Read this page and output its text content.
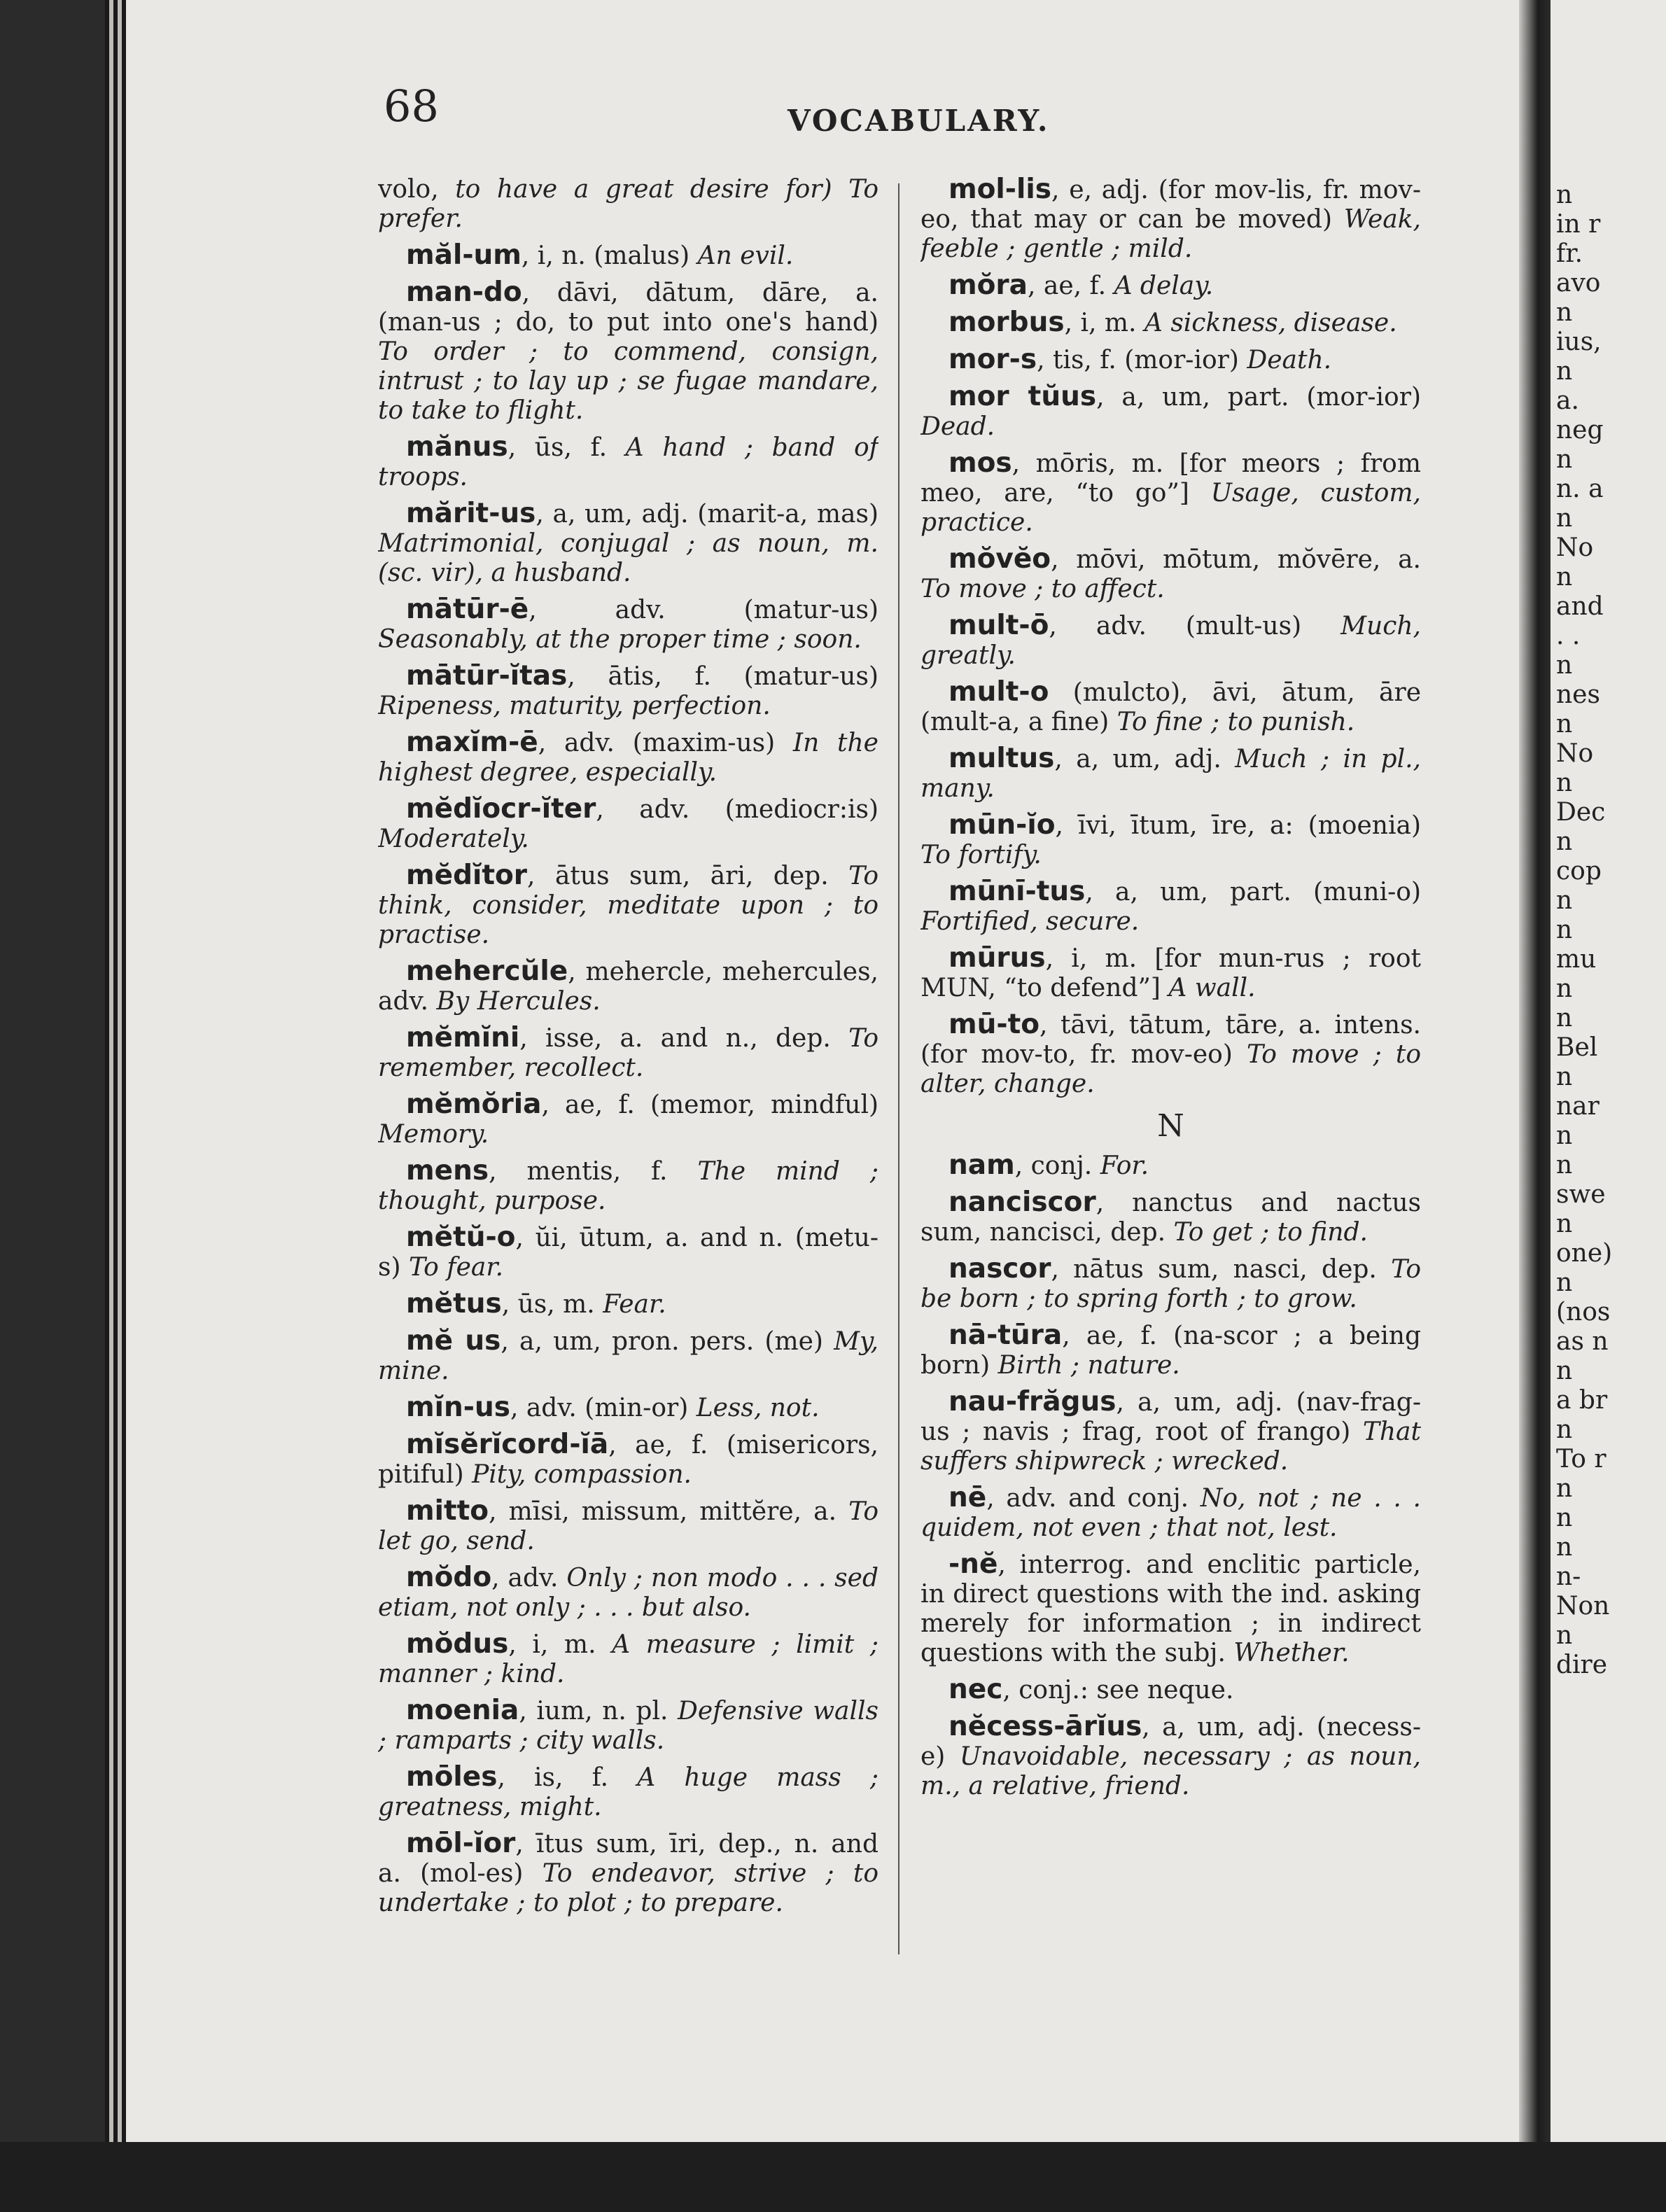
n
in r
fr.
avo
n
ius,
n
a.
neg
n
n. a
n
No
n
and
. .
n
nes
n
No
n
Dec
n
cop
n
n
mu
n
n
Bel
n
nar
n
n
swe
n
one)
n
(nos
as n
n
a br
n
To r
n
n
n
n-
Non
n
dire
68	VOCABULARY.

volo, to have a great desire for) To prefer.

măl-um, i, n. (malus) An evil.

man-do, dāvi, dātum, dāre, a. (man-us ; do, to put into one's hand) To order ; to commend, consign, intrust ; to lay up ; se fugae mandare, to take to flight.

mănus, ūs, f. A hand ; band of troops.

mărit-us, a, um, adj. (marit-a, mas) Matrimonial, conjugal ; as noun, m. (sc. vir), a husband.

mātūr-ē, adv. (matur-us) Seasonably, at the proper time ; soon.

mātūr-ĭtas, ātis, f. (matur-us) Ripeness, maturity, perfection.

maxĭm-ē, adv. (maxim-us) In the highest degree, especially.

mĕdĭocr-ĭter, adv. (mediocr:is) Moderately.

mĕdĭtor, ātus sum, āri, dep. To think, consider, meditate upon ; to practise.

mehercŭle, mehercle, mehercules, adv. By Hercules.

mĕmĭni, isse, a. and n., dep. To remember, recollect.

mĕmŏria, ae, f. (memor, mindful) Memory.

mens, mentis, f. The mind ; thought, purpose.

mĕtŭ-o, ŭi, ūtum, a. and n. (metu-s) To fear.

mĕtus, ūs, m. Fear.

mĕ us, a, um, pron. pers. (me) My, mine.

mĭn-us, adv. (min-or) Less, not.

mĭsĕrĭcord-ĭā, ae, f. (misericors, pitiful) Pity, compassion.

mitto, mīsi, missum, mittĕre, a. To let go, send.

mŏdo, adv. Only ; non modo . . . sed etiam, not only ; . . . but also.

mŏdus, i, m. A measure ; limit ; manner ; kind.

moenia, ium, n. pl. Defensive walls ; ramparts ; city walls.

mōles, is, f. A huge mass ; greatness, might.

mōl-ĭor, ītus sum, īri, dep., n. and a. (mol-es) To endeavor, strive ; to undertake ; to plot ; to prepare.

mol-lis, e, adj. (for mov-lis, fr. mov-eo, that may or can be moved) Weak, feeble ; gentle ; mild.

mŏra, ae, f. A delay.

morbus, i, m. A sickness, disease.

mor-s, tis, f. (mor-ior) Death.

mor tŭus, a, um, part. (mor-ior) Dead.

mos, mōris, m. [for meors ; from meo, are, “to go”] Usage, custom, practice.

mŏvĕo, mōvi, mōtum, mŏvēre, a. To move ; to affect.

mult-ō, adv. (mult-us) Much, greatly.

mult-o (mulcto), āvi, ātum, āre (mult-a, a fine) To fine ; to punish.

multus, a, um, adj. Much ; in pl., many.

mūn-ĭo, īvi, ītum, īre, a: (moenia) To fortify.

mūnī-tus, a, um, part. (muni-o) Fortified, secure.

mūrus, i, m. [for mun-rus ; root MUN, “to defend”] A wall.

mū-to, tāvi, tātum, tāre, a. intens. (for mov-to, fr. mov-eo) To move ; to alter, change.

N

nam, conj. For.

nanciscor, nanctus and nactus sum, nancisci, dep. To get ; to find.

nascor, nātus sum, nasci, dep. To be born ; to spring forth ; to grow.

nā-tūra, ae, f. (na-scor ; a being born) Birth ; nature.

nau-frăgus, a, um, adj. (nav-frag-us ; navis ; frag, root of frango) That suffers shipwreck ; wrecked.

nē, adv. and conj. No, not ; ne . . . quidem, not even ; that not, lest.

-nĕ, interrog. and enclitic particle, in direct questions with the ind. asking merely for information ; in indirect questions with the subj. Whether.

nec, conj.: see neque.

nĕcess-ārĭus, a, um, adj. (necess-e) Unavoidable, necessary ; as noun, m., a relative, friend.
